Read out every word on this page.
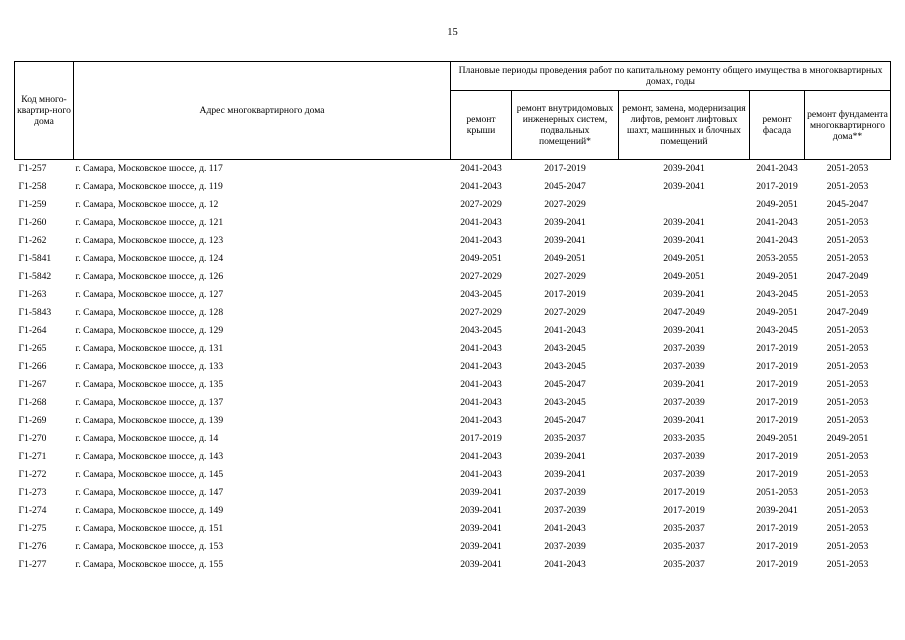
15
Код много-квартир-ного дома	Адрес многоквартирного дома	Плановые периоды проведения работ по капитальному ремонту общего имущества в многоквартирных домах, годы				
		ремонт крыши	ремонт внутридомовых инженерных систем, подвальных помещений*	ремонт, замена, модернизация лифтов, ремонт лифтовых шахт, машинных и блочных помещений	ремонт фасада	ремонт фундамента многоквартирного дома**
Г1-257	г. Самара, Московское шоссе, д. 117	2041-2043	2017-2019	2039-2041	2041-2043	2051-2053
Г1-258	г. Самара, Московское шоссе, д. 119	2041-2043	2045-2047	2039-2041	2017-2019	2051-2053
Г1-259	г. Самара, Московское шоссе, д. 12	2027-2029	2027-2029		2049-2051	2045-2047
Г1-260	г. Самара, Московское шоссе, д. 121	2041-2043	2039-2041	2039-2041	2041-2043	2051-2053
Г1-262	г. Самара, Московское шоссе, д. 123	2041-2043	2039-2041	2039-2041	2041-2043	2051-2053
Г1-5841	г. Самара, Московское шоссе, д. 124	2049-2051	2049-2051	2049-2051	2053-2055	2051-2053
Г1-5842	г. Самара, Московское шоссе, д. 126	2027-2029	2027-2029	2049-2051	2049-2051	2047-2049
Г1-263	г. Самара, Московское шоссе, д. 127	2043-2045	2017-2019	2039-2041	2043-2045	2051-2053
Г1-5843	г. Самара, Московское шоссе, д. 128	2027-2029	2027-2029	2047-2049	2049-2051	2047-2049
Г1-264	г. Самара, Московское шоссе, д. 129	2043-2045	2041-2043	2039-2041	2043-2045	2051-2053
Г1-265	г. Самара, Московское шоссе, д. 131	2041-2043	2043-2045	2037-2039	2017-2019	2051-2053
Г1-266	г. Самара, Московское шоссе, д. 133	2041-2043	2043-2045	2037-2039	2017-2019	2051-2053
Г1-267	г. Самара, Московское шоссе, д. 135	2041-2043	2045-2047	2039-2041	2017-2019	2051-2053
Г1-268	г. Самара, Московское шоссе, д. 137	2041-2043	2043-2045	2037-2039	2017-2019	2051-2053
Г1-269	г. Самара, Московское шоссе, д. 139	2041-2043	2045-2047	2039-2041	2017-2019	2051-2053
Г1-270	г. Самара, Московское шоссе, д. 14	2017-2019	2035-2037	2033-2035	2049-2051	2049-2051
Г1-271	г. Самара, Московское шоссе, д. 143	2041-2043	2039-2041	2037-2039	2017-2019	2051-2053
Г1-272	г. Самара, Московское шоссе, д. 145	2041-2043	2039-2041	2037-2039	2017-2019	2051-2053
Г1-273	г. Самара, Московское шоссе, д. 147	2039-2041	2037-2039	2017-2019	2051-2053	2051-2053
Г1-274	г. Самара, Московское шоссе, д. 149	2039-2041	2037-2039	2017-2019	2039-2041	2051-2053
Г1-275	г. Самара, Московское шоссе, д. 151	2039-2041	2041-2043	2035-2037	2017-2019	2051-2053
Г1-276	г. Самара, Московское шоссе, д. 153	2039-2041	2037-2039	2035-2037	2017-2019	2051-2053
Г1-277	г. Самара, Московское шоссе, д. 155	2039-2041	2041-2043	2035-2037	2017-2019	2051-2053
